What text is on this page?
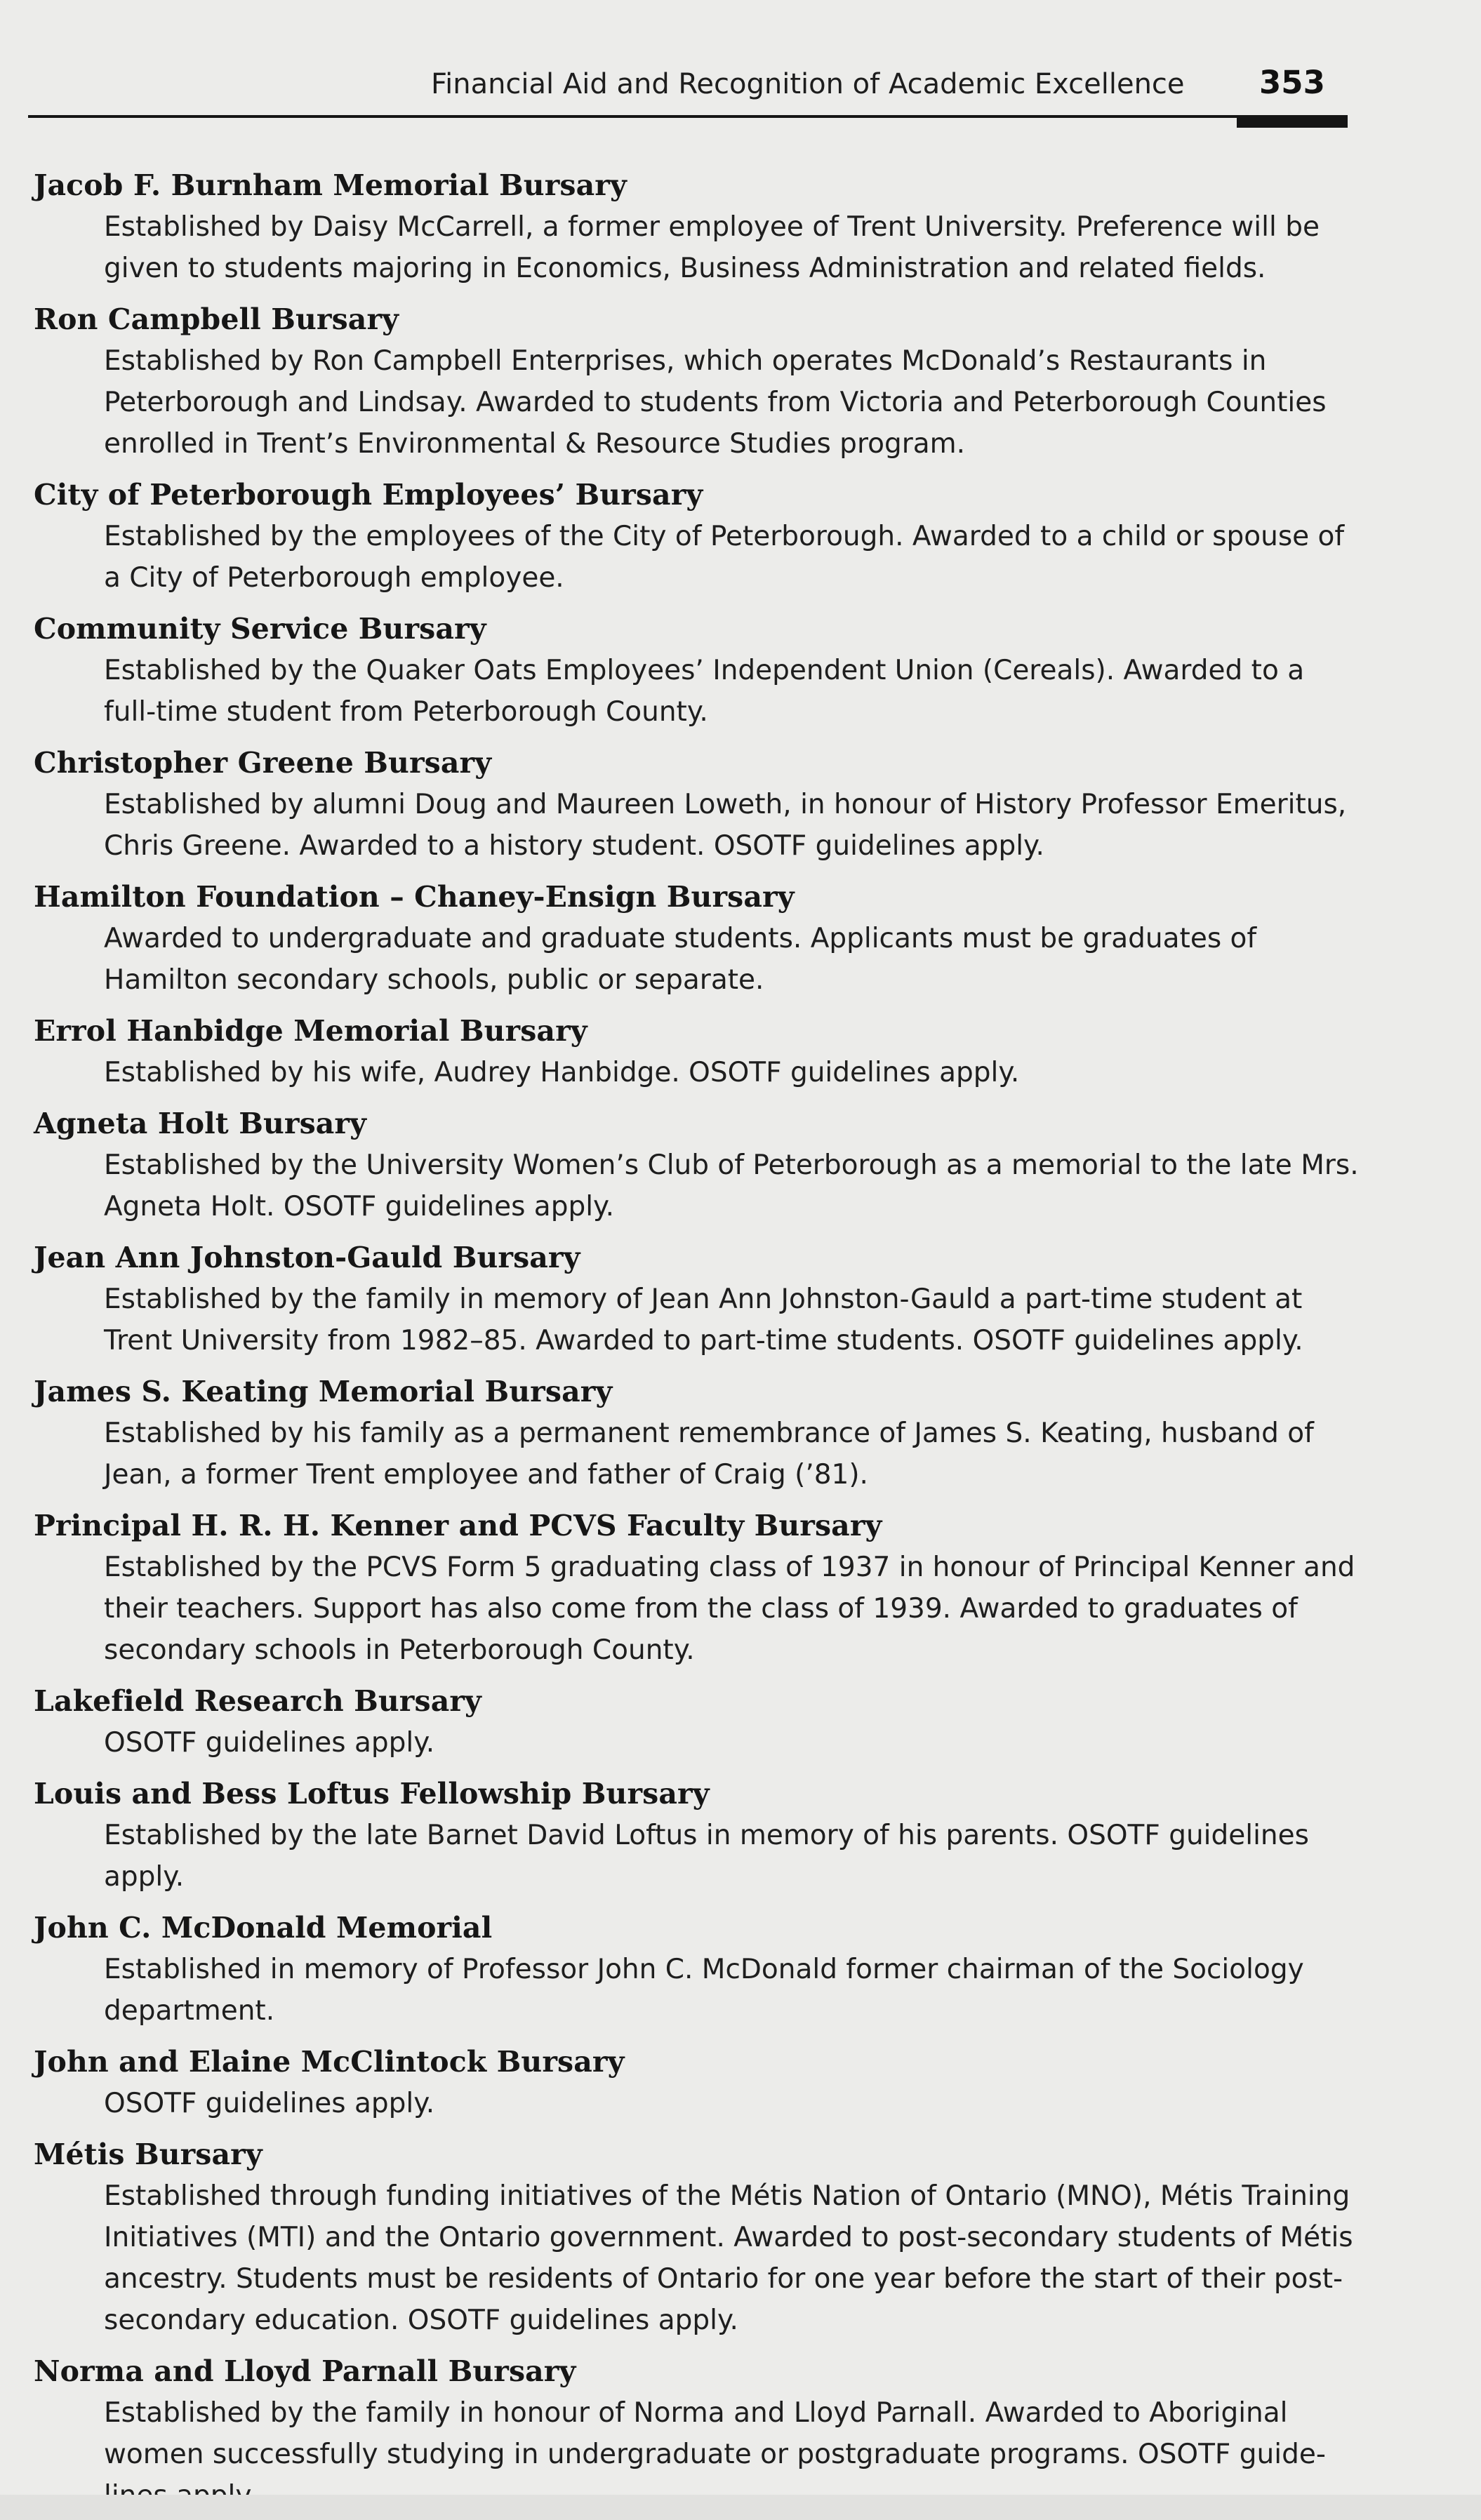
Financial Aid and Recognition of Academic Excellence 353
Jacob F. Burnham Memorial Bursary
Established by Daisy McCarrell, a former employee of Trent University. Preference will be given to students majoring in Economics, Business Administration and related fields.
Ron Campbell Bursary
Established by Ron Campbell Enterprises, which operates McDonald’s Restaurants in Peterborough and Lindsay. Awarded to students from Victoria and Peterborough Counties enrolled in Trent’s Environmental & Resource Studies program.
City of Peterborough Employees’ Bursary
Established by the employees of the City of Peterborough. Awarded to a child or spouse of a City of Peterborough employee.
Community Service Bursary
Established by the Quaker Oats Employees’ Independent Union (Cereals). Awarded to a full-time student from Peterborough County.
Christopher Greene Bursary
Established by alumni Doug and Maureen Loweth, in honour of History Professor Emeritus, Chris Greene. Awarded to a history student. OSOTF guidelines apply.
Hamilton Foundation – Chaney-Ensign Bursary
Awarded to undergraduate and graduate students. Applicants must be graduates of Hamilton secondary schools, public or separate.
Errol Hanbidge Memorial Bursary
Established by his wife, Audrey Hanbidge. OSOTF guidelines apply.
Agneta Holt Bursary
Established by the University Women’s Club of Peterborough as a memorial to the late Mrs. Agneta Holt. OSOTF guidelines apply.
Jean Ann Johnston-Gauld Bursary
Established by the family in memory of Jean Ann Johnston-Gauld a part-time student at Trent University from 1982–85. Awarded to part-time students. OSOTF guidelines apply.
James S. Keating Memorial Bursary
Established by his family as a permanent remembrance of James S. Keating, husband of Jean, a former Trent employee and father of Craig (’81).
Principal H. R. H. Kenner and PCVS Faculty Bursary
Established by the PCVS Form 5 graduating class of 1937 in honour of Principal Kenner and their teachers. Support has also come from the class of 1939. Awarded to graduates of secondary schools in Peterborough County.
Lakefield Research Bursary
OSOTF guidelines apply.
Louis and Bess Loftus Fellowship Bursary
Established by the late Barnet David Loftus in memory of his parents. OSOTF guidelines apply.
John C. McDonald Memorial
Established in memory of Professor John C. McDonald former chairman of the Sociology department.
John and Elaine McClintock Bursary
OSOTF guidelines apply.
Métis Bursary
Established through funding initiatives of the Métis Nation of Ontario (MNO), Métis Training Initiatives (MTI) and the Ontario government. Awarded to post-secondary students of Métis ancestry. Students must be residents of Ontario for one year before the start of their post-secondary education. OSOTF guidelines apply.
Norma and Lloyd Parnall Bursary
Established by the family in honour of Norma and Lloyd Parnall. Awarded to Aboriginal women successfully studying in undergraduate or postgraduate programs. OSOTF guide-
